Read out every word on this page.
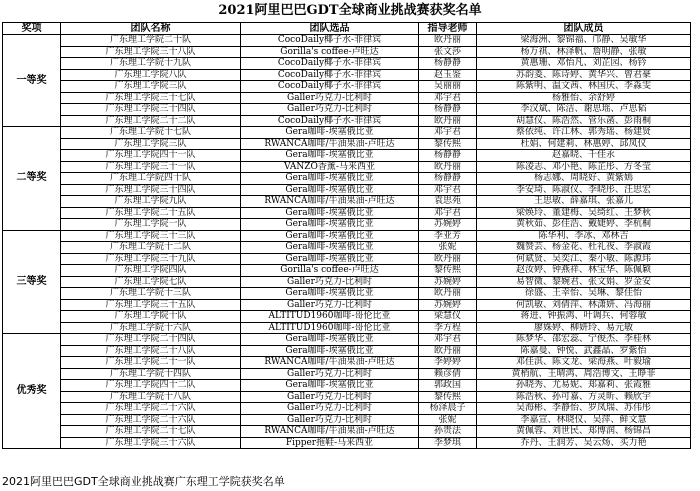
2021阿里巴巴GDT全球商业挑战赛获奖名单
奖项	团队名称	团队选品	指导老师	团队成员
一等奖	广东理工学院二十队	CocoDaily椰子水-菲律宾	欧丹丽	梁海洲、黎锦福、邝静、吴敏华
	广东理工学院三十八队	Gorilla's coffee-卢旺达	张文莎	杨万祺、林泽帆、詹明静、张敏
	广东理工学院十九队	CocoDaily椰子水-菲律宾	杨静静	黄惠珊、邓怡凡、刘芷园、杨钤
	广东理工学院八队	CocoDaily椰子水-菲律宾	赵玉鉴	苏韵菱、陈诗婷、黄华兴、曾君豪
	广东理工学院三队	CocoDaily椰子水-菲律宾	吴丽丽	陈紫明、温文茜、林国庆、李淼雯
	广东理工学院三十七队	Galler巧克力-比利时	邓宇君	杨雅怡、余舒婷
	广东理工学院三十四队	Galler巧克力-比利时	杨静静	李汉斌、陈洁、谢思瑶、卢思韬
	广东理工学院二十二队	CocoDaily椰子水-菲律宾	欧丹丽	胡慧仪、陈浩然、管乐菡、彭雨桐
二等奖	广东理工学院十七队	Gera咖啡-埃塞俄比亚	邓宇君	蔡依纯、许江林、郭秀瑶、杨建贤
	广东理工学院三队	RWANCA咖啡/牛油果油-卢旺达	黎传熙	杜娟、何建莉、林惠婷、邱凤仪
	广东理工学院四十一队	Gera咖啡-埃塞俄比亚	杨静静	赵嘉晓、千佳永
	广东理工学院三十一队	VANZO香薰-马来西亚	欧丹丽	陈凌志、邓小艳、陈芷彤、方冬莹
	广东理工学院四十队	Gera咖啡-埃塞俄比亚	杨静静	杨志娜、周晓好、黄紫嫣
	广东理工学院三十四队	Gera咖啡-埃塞俄比亚	邓宇君	李安琦、陈淑仪、李晓彤、汪思宏
	广东理工学院九队	RWANCA咖啡/牛油果油-卢旺达	袁思苑	王思敏、薛嘉琪、张嘉儿
	广东理工学院二十五队	Gera咖啡-埃塞俄比亚	邓宇君	梁焕玲、董建梅、吴绮红、王梦秋
	广东理工学院一队	Gera咖啡-埃塞俄比亚	苏婉婷	黄秋茹、彭佳浩、戴婕婷、李杭桐
三等奖	广东理工学院三十三队	Gera咖啡-埃塞俄比亚	李亚芳	陈华利、李冰、邓林吉
	广东理工学院十二队	Gera咖啡-埃塞俄比亚	张妮	魏赞芸、杨金花、杜礼夜、李淑霞
	广东理工学院三十九队	Gera咖啡-埃塞俄比亚	欧丹丽	何斌贤、吴奕江、秦小敏、陈源玮
	广东理工学院四队	Gorilla's coffee-卢旺达	黎传熙	赵汝婷、钟燕祥、林宝华、陈佩颖
	广东理工学院七队	Galler巧克力-比利时	苏婉婷	易智微、黎婉君、张文娟、罗金安
	广东理工学院十三队	Gera咖啡-埃塞俄比亚	欧丹丽	徐盛、王幸怡、吴琳、黎佳怡
	广东理工学院三十五队	Galler巧克力-比利时	苏婉婷	何凯敏、刘倩萍、林潇妍、冯海丽
	广东理工学院十队	ALTITUD1960咖啡-哥伦比亚	梁慧仪	蒋进、钟振鸿、叶调兵、何蓉敏
	广东理工学院十六队	ALTITUD1960咖啡-哥伦比亚	李方程	廖姝婷、柳妍玲、易元敏
优秀奖	广东理工学院二十四队	Gera咖啡-埃塞俄比亚	邓宇君	陈梦华、邵宏蕊、宁俊杰、李桂林
	广东理工学院二十八队	Gera咖啡-埃塞俄比亚	欧丹丽	陈嘉曼、钟悦、武鑫晶、罗紫怡
	广东理工学院二十一队	RWANCA咖啡/牛油果油-卢旺达	李婷婷	邓佳淇、陈文龙、梁海燕、叶毅瑜
	广东理工学院十四队	Galler巧克力-比利时	赖彦倩	黄梢航、王晴鸿、周浩博文、王睁菲
	广东理工学院四十二队	Gera咖啡-埃塞俄比亚	郭政国	孙晓秀、尤易妮、郑嘉莉、张霞雅
	广东理工学院十八队	Galler巧克力-比利时	黎传熙	陈浩秋、孙可嘉、方灵昕、赖欣宇
	广东理工学院二十六队	Galler巧克力-比利时	杨泽晨子	吴海彬、李静怡、罗凤瑞、苏伟彤
	广东理工学院二十六队	Galler巧克力-比利时	张妮	李嘉宣、林晓仪、吴萍、鲜文慧
	广东理工学院二十七队	RWANCA咖啡/牛油果油-卢旺达	孙贵法	黄佩蓉、刘世民、郑博润、杨锦昌
	广东理工学院三十六队	Fipper拖鞋-马来西亚	李梦琪	乔丹、王润芳、吴云炀、买力艳
2021阿里巴巴GDT全球商业挑战赛广东理工学院获奖名单
